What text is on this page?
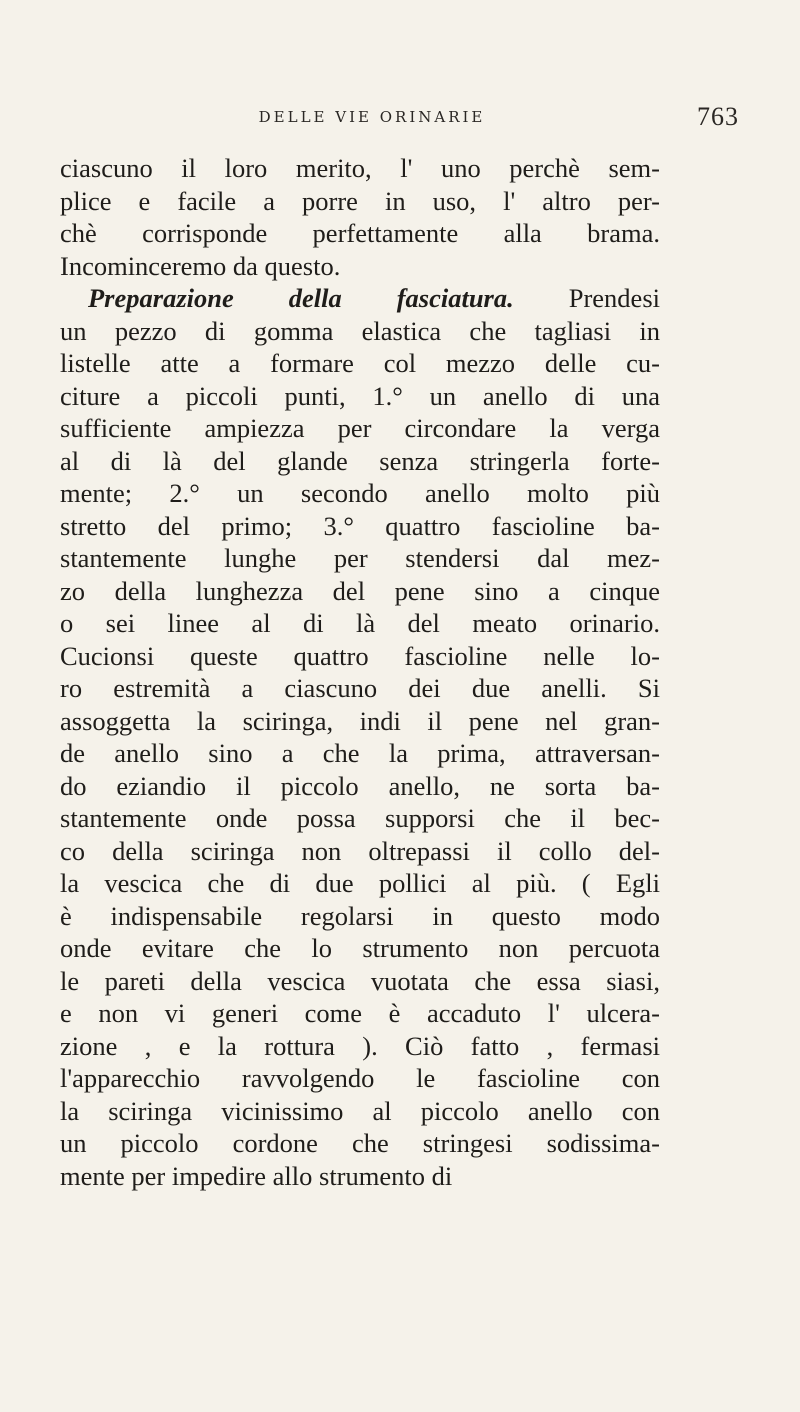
DELLE VIE ORINARIE	763
ciascuno il loro merito, l' uno perchè sem-
plice e facile a porre in uso, l' altro per-
chè corrisponde perfettamente alla brama.
Incominceremo da questo.
Preparazione della fasciatura. Prendesi
un pezzo di gomma elastica che tagliasi in
listelle atte a formare col mezzo delle cu-
citure a piccoli punti, 1.° un anello di una
sufficiente ampiezza per circondare la verga
al di là del glande senza stringerla forte-
mente; 2.° un secondo anello molto più
stretto del primo; 3.° quattro fascioline ba-
stantemente lunghe per stendersi dal mez-
zo della lunghezza del pene sino a cinque
o sei linee al di là del meato orinario.
Cucionsi queste quattro fascioline nelle lo-
ro estremità a ciascuno dei due anelli. Si
assoggetta la sciringa, indi il pene nel gran-
de anello sino a che la prima, attraversan-
do eziandio il piccolo anello, ne sorta ba-
stantemente onde possa supporsi che il bec-
co della sciringa non oltrepassi il collo del-
la vescica che di due pollici al più. ( Egli
è indispensabile regolarsi in questo modo
onde evitare che lo strumento non percuota
le pareti della vescica vuotata che essa siasi,
e non vi generi come è accaduto l' ulcera-
zione , e la rottura ). Ciò fatto , fermasi
l'apparecchio ravvolgendo le fascioline con
la sciringa vicinissimo al piccolo anello con
un piccolo cordone che stringesi sodissima-
mente per impedire allo strumento di
